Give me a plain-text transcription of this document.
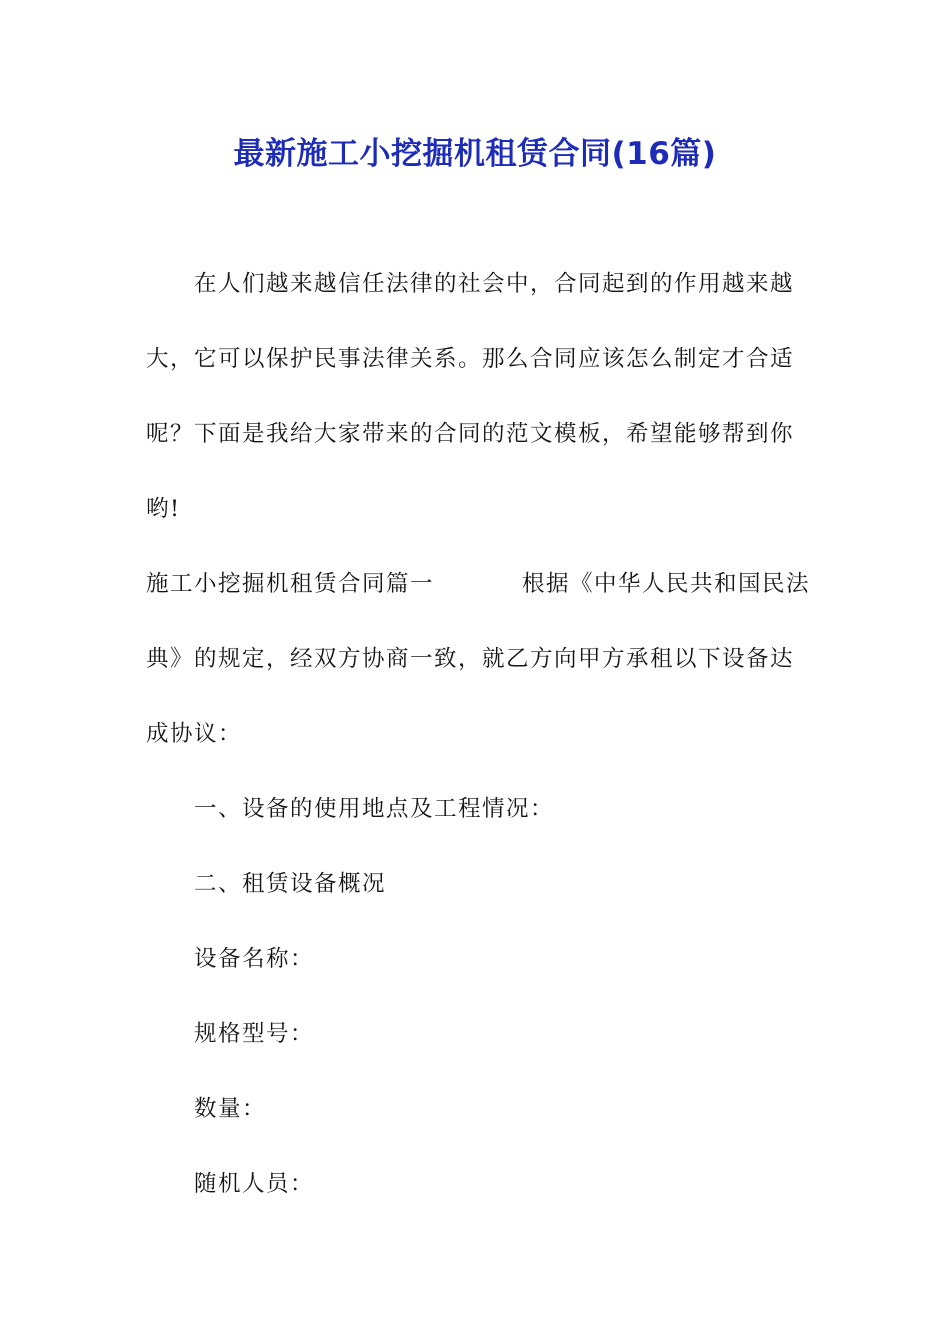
最新施工小挖掘机租赁合同(16篇)
在人们越来越信任法律的社会中，合同起到的作用越来越
大，它可以保护民事法律关系。那么合同应该怎么制定才合适
呢？下面是我给大家带来的合同的范文模板，希望能够帮到你
哟!
施工小挖掘机租赁合同篇一	根据《中华人民共和国民法
典》的规定，经双方协商一致，就乙方向甲方承租以下设备达
成协议：
一、设备的使用地点及工程情况：
二、租赁设备概况
设备名称：
规格型号：
数量：
随机人员：
